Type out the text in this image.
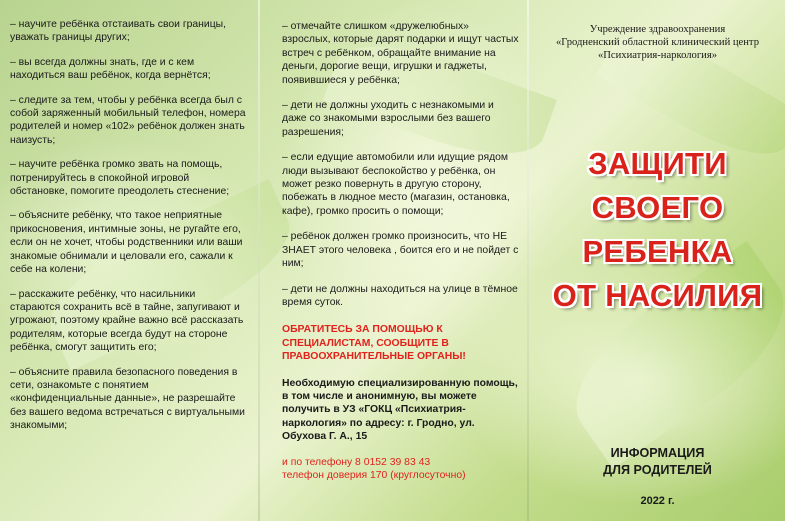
– научите ребёнка отстаивать свои границы, уважать границы других;

– вы всегда должны знать, где и с кем находиться ваш ребёнок, когда вернётся;

– следите за тем, чтобы у ребёнка всегда был с собой заряженный мобильный телефон, номера родителей и номер «102» ребёнок должен знать наизусть;

– научите ребёнка громко звать на помощь, потренируйтесь в спокойной игровой обстановке, помогите преодолеть стеснение;

– объясните ребёнку, что такое неприятные прикосновения, интимные зоны, не ругайте его, если он не хочет, чтобы родственники или ваши знакомые обнимали и целовали его, сажали к себе на колени;

– расскажите ребёнку, что насильники стараются сохранить всё в тайне, запугивают и угрожают, поэтому крайне важно всё рассказать родителям, которые всегда будут на стороне ребёнка, смогут защитить его;

– объясните правила безопасного поведения в сети, ознакомьте с понятием «конфиденциальные данные», не разрешайте без вашего ведома встречаться с виртуальными знакомыми;

– отмечайте слишком «дружелюбных» взрослых, которые дарят подарки и ищут частых встреч с ребёнком, обращайте внимание на деньги, дорогие вещи, игрушки и гаджеты, появившиеся у ребёнка;

– дети не должны уходить с незнакомыми и даже со знакомыми взрослыми без вашего разрешения;

– если едущие автомобили или идущие рядом люди вызывают беспокойство у ребёнка, он может резко повернуть в другую сторону, побежать в людное место (магазин, остановка, кафе), громко просить о помощи;

– ребёнок должен громко произносить, что НЕ ЗНАЕТ этого человека , боится его и не пойдет с ним;

– дети не должны находиться на улице в тёмное время суток.

ОБРАТИТЕСЬ ЗА ПОМОЩЬЮ К СПЕЦИАЛИСТАМ, СООБЩИТЕ В ПРАВООХРАНИТЕЛЬНЫЕ ОРГАНЫ!

Необходимую специализированную помощь, в том числе и анонимную, вы можете получить в УЗ «ГОКЦ «Психиатрия-наркология» по адресу: г. Гродно, ул. Обухова Г. А., 15

и по телефону 8 0152 39 83 43

телефон доверия 170 (круглосуточно)

Учреждение здравоохранения
«Гродненский областной клинический центр
«Психиатрия-наркология»
ЗАЩИТИ
СВОЕГО
РЕБЕНКА
ОТ НАСИЛИЯ
ИНФОРМАЦИЯ
ДЛЯ РОДИТЕЛЕЙ
2022 г.
